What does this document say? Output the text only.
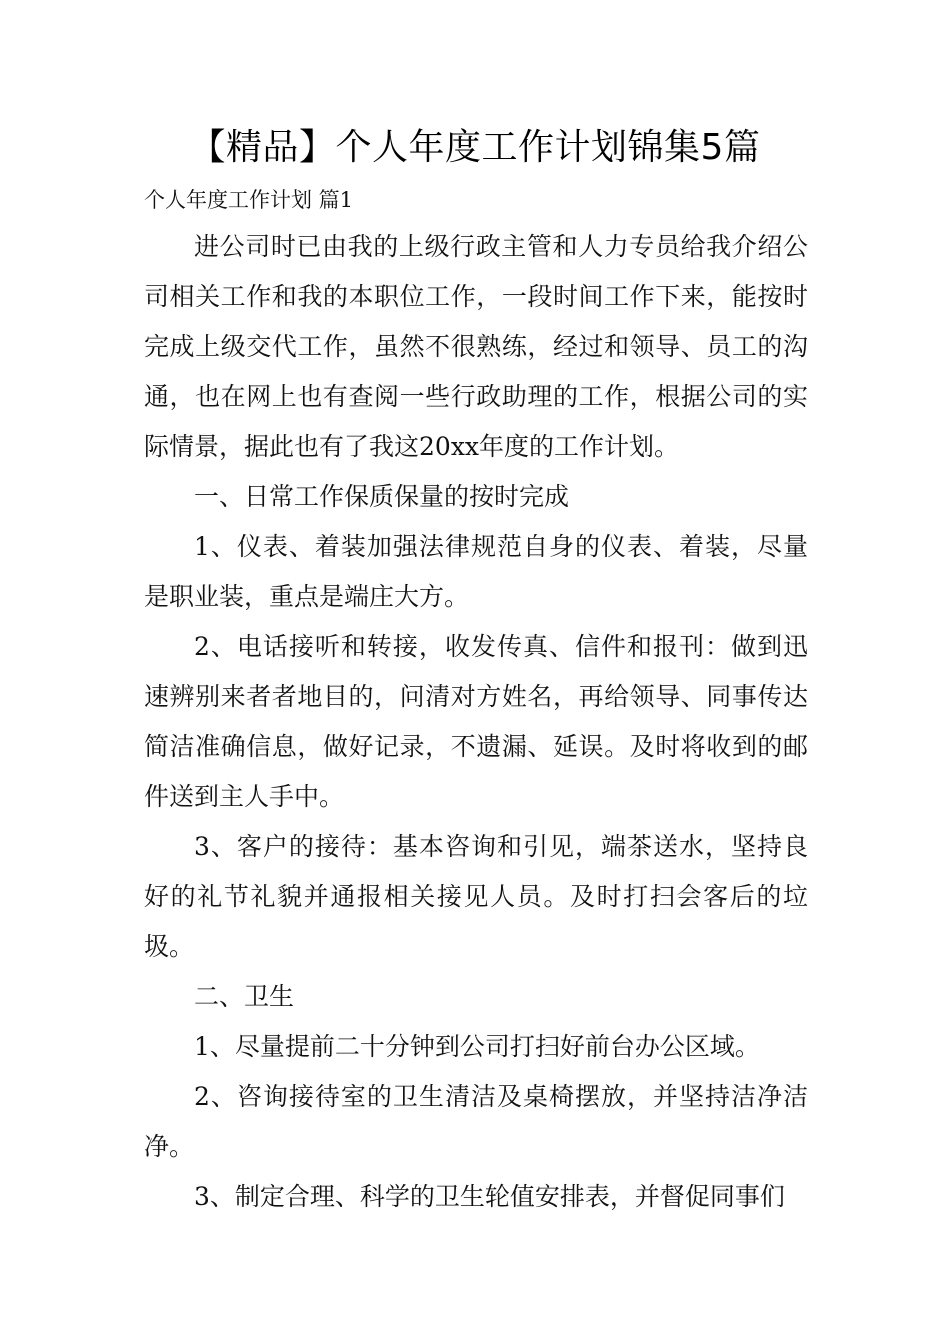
【精品】个人年度工作计划锦集5篇
个人年度工作计划 篇1

进公司时已由我的上级行政主管和人力专员给我介绍公司相关工作和我的本职位工作，一段时间工作下来，能按时完成上级交代工作，虽然不很熟练，经过和领导、员工的沟通，也在网上也有查阅一些行政助理的工作，根据公司的实际情景，据此也有了我这20xx年度的工作计划。

一、日常工作保质保量的按时完成

1、仪表、着装加强法律规范自身的仪表、着装，尽量是职业装，重点是端庄大方。

2、电话接听和转接，收发传真、信件和报刊：做到迅速辨别来者者地目的，问清对方姓名，再给领导、同事传达简洁准确信息，做好记录，不遗漏、延误。及时将收到的邮件送到主人手中。

3、客户的接待：基本咨询和引见，端茶送水，坚持良好的礼节礼貌并通报相关接见人员。及时打扫会客后的垃圾。

二、卫生

1、尽量提前二十分钟到公司打扫好前台办公区域。

2、咨询接待室的卫生清洁及桌椅摆放，并坚持洁净洁净。

3、制定合理、科学的卫生轮值安排表，并督促同事们
